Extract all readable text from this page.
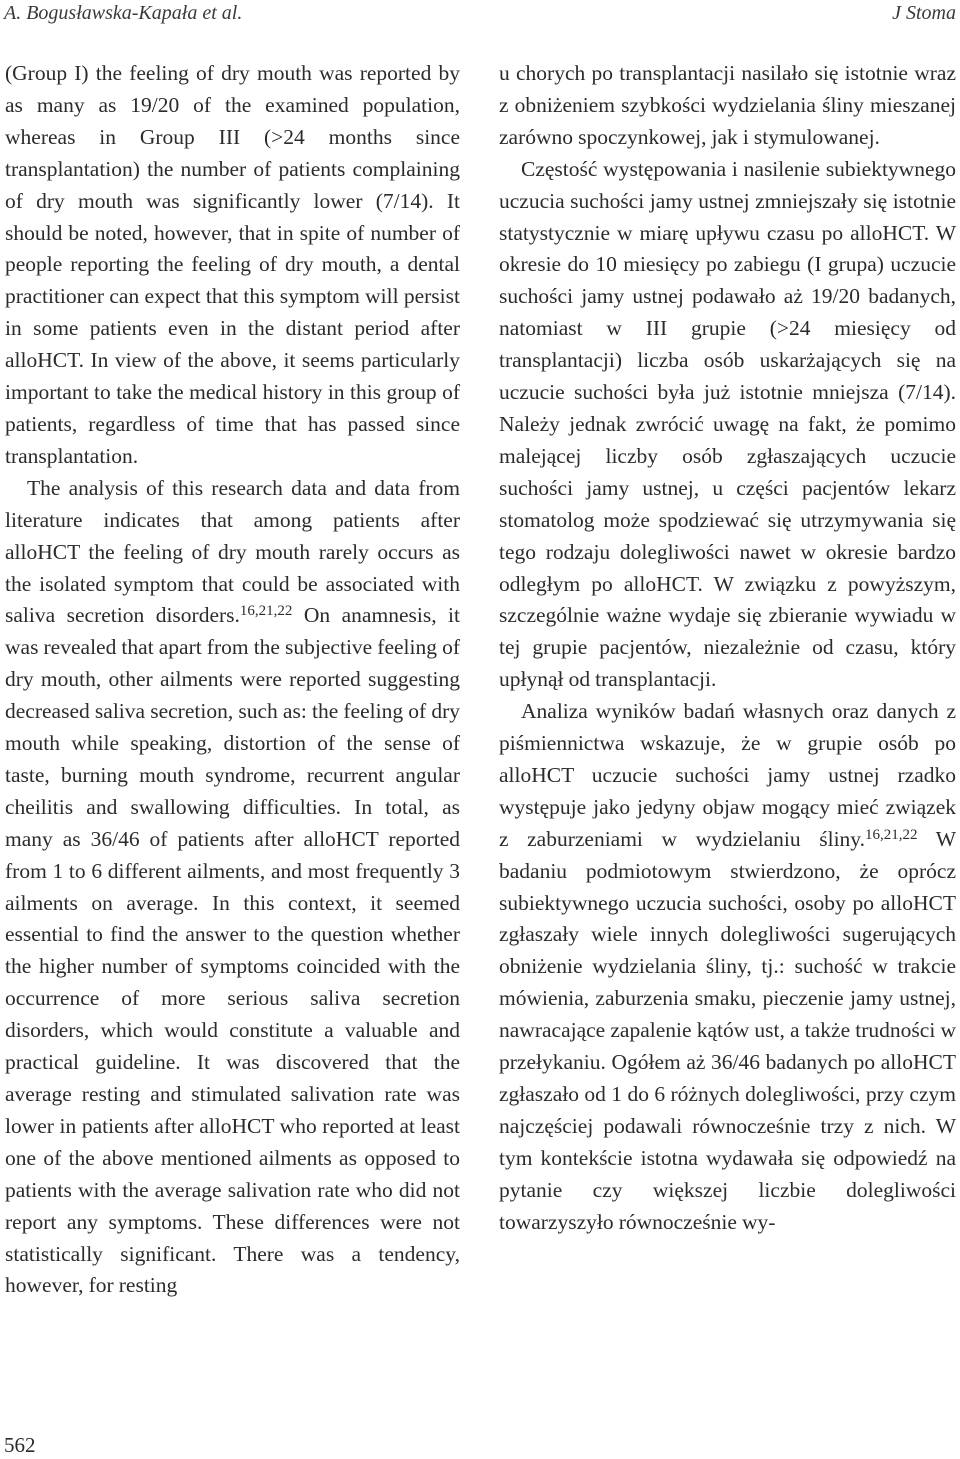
A. Bogusławska-Kapała et al.	J Stoma

(Group I) the feeling of dry mouth was reported by as many as 19/20 of the examined population, whereas in Group III (>24 months since transplantation) the number of patients complaining of dry mouth was significantly lower (7/14). It should be noted, however, that in spite of number of people reporting the feeling of dry mouth, a dental practitioner can expect that this symptom will persist in some patients even in the distant period after alloHCT. In view of the above, it seems particularly important to take the medical history in this group of patients, regardless of time that has passed since transplantation.

The analysis of this research data and data from literature indicates that among patients after alloHCT the feeling of dry mouth rarely occurs as the isolated symptom that could be associated with saliva secretion disorders.$^{16,21,22}$ On anamnesis, it was revealed that apart from the subjective feeling of dry mouth, other ailments were reported suggesting decreased saliva secretion, such as: the feeling of dry mouth while speaking, distortion of the sense of taste, burning mouth syndrome, recurrent angular cheilitis and swallowing difficulties. In total, as many as 36/46 of patients after alloHCT reported from 1 to 6 different ailments, and most frequently 3 ailments on average. In this context, it seemed essential to find the answer to the question whether the higher number of symptoms coincided with the occurrence of more serious saliva secretion disorders, which would constitute a valuable and practical guideline. It was discovered that the average resting and stimulated salivation rate was lower in patients after alloHCT who reported at least one of the above mentioned ailments as opposed to patients with the average salivation rate who did not report any symptoms. These differences were not statistically significant. There was a tendency, however, for resting

u chorych po transplantacji nasilało się istotnie wraz z obniżeniem szybkości wydzielania śliny mieszanej zarówno spoczynkowej, jak i stymulowanej.

Częstość występowania i nasilenie subiektywnego uczucia suchości jamy ustnej zmniejszały się istotnie statystycznie w miarę upływu czasu po alloHCT. W okresie do 10 miesięcy po zabiegu (I grupa) uczucie suchości jamy ustnej podawało aż 19/20 badanych, natomiast w III grupie (>24 miesięcy od transplantacji) liczba osób uskarżających się na uczucie suchości była już istotnie mniejsza (7/14). Należy jednak zwrócić uwagę na fakt, że pomimo malejącej liczby osób zgłaszających uczucie suchości jamy ustnej, u części pacjentów lekarz stomatolog może spodziewać się utrzymywania się tego rodzaju dolegliwości nawet w okresie bardzo odległym po alloHCT. W związku z powyższym, szczególnie ważne wydaje się zbieranie wywiadu w tej grupie pacjentów, niezależnie od czasu, który upłynął od transplantacji.

Analiza wyników badań własnych oraz danych z piśmiennictwa wskazuje, że w grupie osób po alloHCT uczucie suchości jamy ustnej rzadko występuje jako jedyny objaw mogący mieć związek z zaburzeniami w wydzielaniu śliny.$^{16,21,22}$ W badaniu podmiotowym stwierdzono, że oprócz subiektywnego uczucia suchości, osoby po alloHCT zgłaszały wiele innych dolegliwości sugerujących obniżenie wydzielania śliny, tj.: suchość w trakcie mówienia, zaburzenia smaku, pieczenie jamy ustnej, nawracające zapalenie kątów ust, a także trudności w przełykaniu. Ogółem aż 36/46 badanych po alloHCT zgłaszało od 1 do 6 różnych dolegliwości, przy czym najczęściej podawali równocześnie trzy z nich. W tym kontekście istotna wydawała się odpowiedź na pytanie czy większej liczbie dolegliwości towarzyszyło równocześnie wy-

562
